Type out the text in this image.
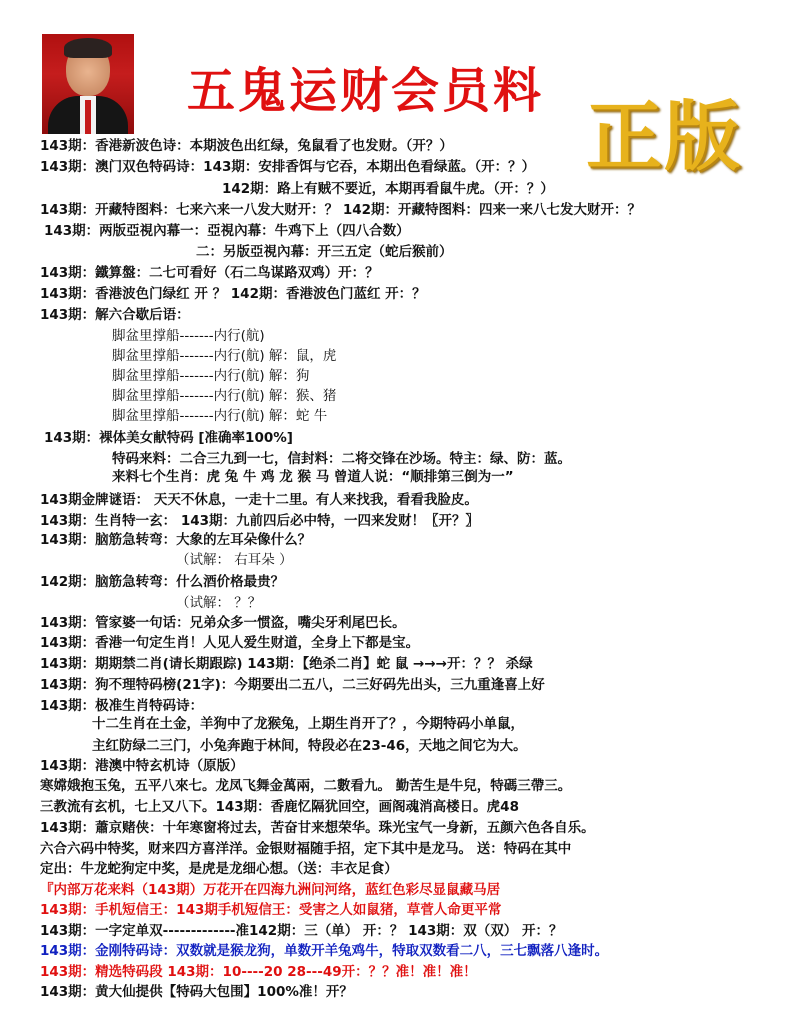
五鬼运财会员料
正版
143期：香港新波色诗：本期波色出红绿，兔鼠看了也发财。（开？）
143期：澳门双色特码诗：143期：安排香饵与它吞，本期出色看绿蓝。（开：？）
142期：路上有贼不要近，本期再看鼠牛虎。（开：？）
143期：开藏特图料：七来六来一八发大财开：？ 142期：开藏特图料：四来一来八七发大财开：？
143期：两版亞視內幕一：亞視內幕：牛鸡下上（四八合数）
二：另版亞視內幕：开三五定（蛇后猴前）
143期：鐵算盤：二七可看好（石二鸟谋路双鸡）开：？
143期：香港波色门绿红 开 ？ 142期：香港波色门蓝红 开：？
143期：解六合歇后语：
脚盆里撑船-------内行(航)
脚盆里撑船-------内行(航) 解：鼠，虎
脚盆里撑船-------内行(航) 解：狗
脚盆里撑船-------内行(航) 解：猴、猪
脚盆里撑船-------内行(航) 解：蛇 牛
143期：裸体美女献特码 [准确率100%]
特码来料：二合三九到一七，信封料：二将交锋在沙场。特主：绿、防：蓝。
来料七个生肖：虎 兔 牛 鸡 龙 猴 马 曾道人说：“顺排第三倒为一”
143期金牌谜语： 天天不休息，一走十二里。有人来找我，看看我脸皮。
143期：生肖特一玄： 143期：九前四后必中特，一四来发财！〖开？〗
143期：脑筋急转弯：大象的左耳朵像什么？
（试解： 右耳朵 ）
142期：脑筋急转弯：什么酒价格最贵？
（试解： ？？
143期：管家婆一句话：兄弟众多一惯盗，嘴尖牙利尾巴长。
143期：香港一句定生肖！人见人爱生财道，全身上下都是宝。
143期：期期禁二肖(请长期跟踪) 143期：【绝杀二肖】蛇 鼠 →→→开：？？ 杀绿
143期：狗不理特码榜(21字)：今期要出二五八，二三好码先出头，三九重逢喜上好
143期：极准生肖特码诗：
十二生肖在土金，羊狗中了龙猴兔，上期生肖开了？，今期特码小单鼠，
主红防绿二三门，小兔奔跑于林间，特段必在23-46，天地之间它为大。
143期：港澳中特玄机诗（原版）
寒嫦娥抱玉兔，五平八來七。龙凤飞舞金萬兩，二數看九。 勤苦生是牛兒，特碼三帶三。
三教流有玄机，七上又八下。143期：香鹿忆隔犹回空，画阁魂消高楼日。虎48
143期：蕭京赌侠：十年寒窗将过去，苦奋甘来想荣华。珠光宝气一身新，五颜六色各自乐。
六合六码中特奖，财来四方喜洋洋。金银财福随手招，定下其中是龙马。 送：特码在其中
定出：牛龙蛇狗定中奖，是虎是龙细心想。（送：丰衣足食）
『内部万花来料（143期）万花开在四海九洲问河络，蓝红色彩尽显鼠藏马居
143期：手机短信王：143期手机短信王：受害之人如鼠猪，草菅人命更平常
143期：一字定单双-------------准142期：三（单） 开：？ 143期：双（双） 开：？
143期：金刚特码诗：双数就是猴龙狗，单数开羊兔鸡牛，特取双数看二八，三七飘落八逢时。
143期：精选特码段 143期：10----20 28---49开：？？准！准！准！
143期：黄大仙提供【特码大包围】100%准！开？
